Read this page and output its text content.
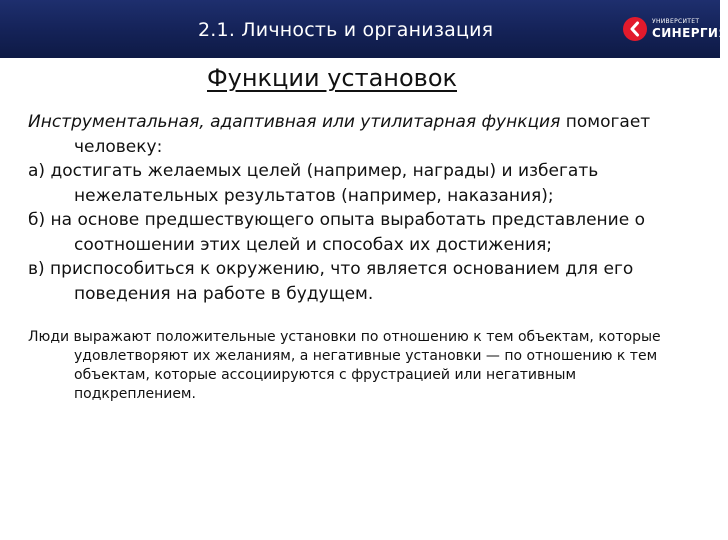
2.1. Личность и организация	УНИВЕРСИТЕТ
СИНЕРГИЯ
Функции установок

Инструментальная, адаптивная или утилитарная функция помогает человеку:

а) достигать желаемых целей (например, награды) и избегать нежелательных результатов (например, наказания);

б) на основе предшествующего опыта выработать представление о соотношении этих целей и способах их достижения;

в) приспособиться к окружению, что является основанием для его поведения на работе в будущем.

Люди выражают положительные установки по отношению к тем объектам, которые удовлетворяют их желаниям, а негативные установки — по отношению к тем объектам, которые ассоциируются с фрустрацией или негативным подкреплением.
